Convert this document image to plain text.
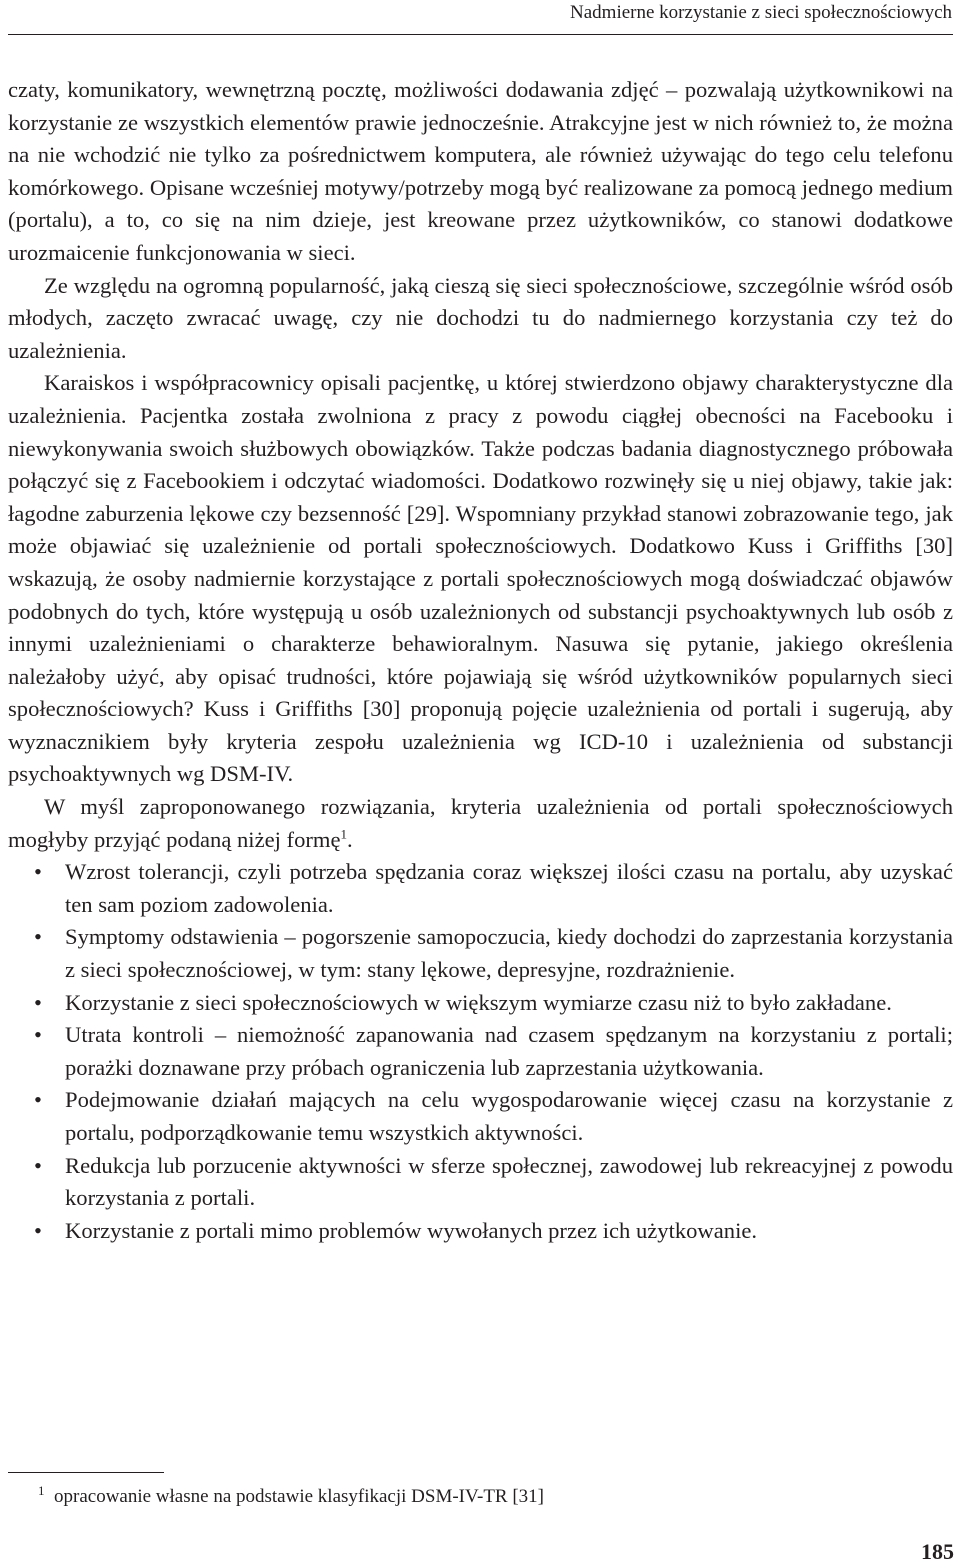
Nadmierne korzystanie z sieci społecznościowych

czaty, komunikatory, wewnętrzną pocztę, możliwości dodawania zdjęć – pozwalają użytkownikowi na korzystanie ze wszystkich elementów prawie jednocześnie. Atrakcyjne jest w nich również to, że można na nie wchodzić nie tylko za pośrednictwem komputera, ale również używając do tego celu telefonu komórkowego. Opisane wcześniej motywy/potrzeby mogą być realizowane za pomocą jednego medium (portalu), a to, co się na nim dzieje, jest kreowane przez użytkowników, co stanowi dodatkowe urozmaicenie funkcjonowania w sieci.

Ze względu na ogromną popularność, jaką cieszą się sieci społecznościowe, szczególnie wśród osób młodych, zaczęto zwracać uwagę, czy nie dochodzi tu do nadmiernego korzystania czy też do uzależnienia.

Karaiskos i współpracownicy opisali pacjentkę, u której stwierdzono objawy charakterystyczne dla uzależnienia. Pacjentka została zwolniona z pracy z powodu ciągłej obecności na Facebooku i niewykonywania swoich służbowych obowiązków. Także podczas badania diagnostycznego próbowała połączyć się z Facebookiem i odczytać wiadomości. Dodatkowo rozwinęły się u niej objawy, takie jak: łagodne zaburzenia lękowe czy bezsenność [29]. Wspomniany przykład stanowi zobrazowanie tego, jak może objawiać się uzależnienie od portali społecznościowych. Dodatkowo Kuss i Griffiths [30] wskazują, że osoby nadmiernie korzystające z portali społecznościowych mogą doświadczać objawów podobnych do tych, które występują u osób uzależnionych od substancji psychoaktywnych lub osób z innymi uzależnieniami o charakterze behawioralnym. Nasuwa się pytanie, jakiego określenia należałoby użyć, aby opisać trudności, które pojawiają się wśród użytkowników popularnych sieci społecznościowych? Kuss i Griffiths [30] proponują pojęcie uzależnienia od portali i sugerują, aby wyznacznikiem były kryteria zespołu uzależnienia wg ICD-10 i uzależnienia od substancji psychoaktywnych wg DSM-IV.

W myśl zaproponowanego rozwiązania, kryteria uzależnienia od portali społecznościowych mogłyby przyjąć podaną niżej formę$^1$.

• Wzrost tolerancji, czyli potrzeba spędzania coraz większej ilości czasu na portalu, aby uzyskać ten sam poziom zadowolenia.
• Symptomy odstawienia – pogorszenie samopoczucia, kiedy dochodzi do zaprzestania korzystania z sieci społecznościowej, w tym: stany lękowe, depresyjne, rozdrażnienie.
• Korzystanie z sieci społecznościowych w większym wymiarze czasu niż to było zakładane.
• Utrata kontroli – niemożność zapanowania nad czasem spędzanym na korzystaniu z portali; porażki doznawane przy próbach ograniczenia lub zaprzestania użytkowania.
• Podejmowanie działań mających na celu wygospodarowanie więcej czasu na korzystanie z portalu, podporządkowanie temu wszystkich aktywności.
• Redukcja lub porzucenie aktywności w sferze społecznej, zawodowej lub rekreacyjnej z powodu korzystania z portali.
• Korzystanie z portali mimo problemów wywołanych przez ich użytkowanie.
1 opracowanie własne na podstawie klasyfikacji DSM-IV-TR [31]
185
